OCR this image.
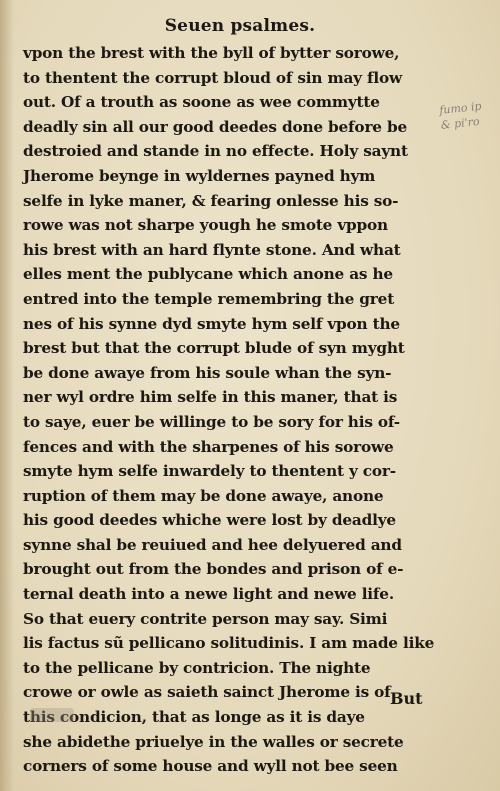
Seuen psalmes.
vpon the brest with the byll of bytter sorowe,
to thentent the corrupt bloud of sin may flow
out. Of a trouth as soone as wee commytte
deadly sin all our good deedes done before be
destroied and stande in no effecte. Holy saynt
Jherome beynge in wyldernes payned hym
selfe in lyke maner, & fearing onlesse his so-
rowe was not sharpe yough he smote vppon
his brest with an hard flynte stone. And what
elles ment the publycane which anone as he
entred into the temple remembring the gret
nes of his synne dyd smyte hym self vpon the
brest but that the corrupt blude of syn myght
be done awaye from his soule whan the syn-
ner wyl ordre him selfe in this maner, that is
to saye, euer be willinge to be sory for his of-
fences and with the sharpenes of his sorowe
smyte hym selfe inwardely to thentent y cor-
ruption of them may be done awaye, anone
his good deedes whiche were lost by deadlye
synne shal be reuiued and hee delyuered and
brought out from the bondes and prison of e-
ternal death into a newe light and newe life.
So that euery contrite person may say. Simi
lis factus sũ pellicano solitudinis. I am made like
to the pellicane by contricion. The nighte
crowe or owle as saieth sainct Jherome is of
this condicion, that as longe as it is daye
she abidethe priuelye in the walles or secrete
corners of some house and wyll not bee seen
But
fumo ip
& pi'ro
